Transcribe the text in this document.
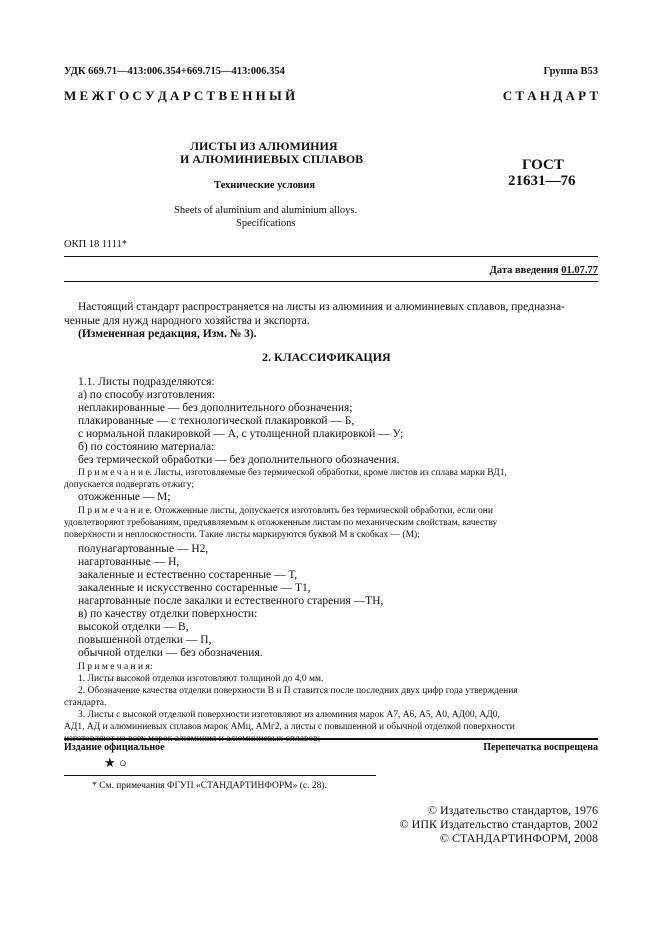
УДК 669.71—413:006.354+669.715—413:006.354	Группа В53
М Е Ж Г О С У Д А Р С Т В Е Н Н Ы Й	С Т А Н Д А Р Т
ЛИСТЫ ИЗ АЛЮМИНИЯ
И АЛЮМИНИЕВЫХ СПЛАВОВ
Технические условия
Sheets of aluminium and aluminium alloys.
Specifications
ГОСТ
21631—76
ОКП 18 1111*
Дата введения 01.07.77
Настоящий стандарт распространяется на листы из алюминия и алюминиевых сплавов, предназна-
ченные для нужд народного хозяйства и экспорта.
(Измененная редакция, Изм. № 3).
2. КЛАССИФИКАЦИЯ
1.1. Листы подразделяются:
а) по способу изготовления:
неплакированные — без дополнительного обозначения;
плакированные — с технологической плакировкой — Б,
с нормальной плакировкой — А, с утолщенной плакировкой — У;
б) по состоянию материала:
без термической обработки — без дополнительного обозначения.
П р и м е ч а н и е. Листы, изготовляемые без термической обработки, кроме листов из сплава марки ВД1,
допускается подвергать отжигу;
отожженные — М;
П р и м е ч а н и е. Отожженные листы, допускается изготовлять без термической обработки, если они
удовлетворяют требованиям, предъявляемым к отожженным листам по механическим свойствам, качеству
поверхности и неплоскостности. Такие листы маркируются буквой М в скобках — (М);
полунагартованные — Н2,
нагартованные — Н,
закаленные и естественно состаренные — Т,
закаленные и искусственно состаренные — Т1,
нагартованные после закалки и естественного старения —ТН,
в) по качеству отделки поверхности:
высокой отделки — В,
повышенной отделки — П,
обычной отделки — без обозначения.
П р и м е ч а н и я:
1. Листы высокой отделки изготовляют толщиной до 4,0 мм.
2. Обозначение качества отделки поверхности В и П ставится после последних двух цифр года утверждения
стандарта.
3. Листы с высокой отделкой поверхности изготовляют из алюминия марок А7, А6, А5, А0, АД00, АД0,
АД1, АД и алюминиевых сплавов марок АМц, АМг2, а листы с повышенной и обычной отделкой поверхности
Издание официальное	Перепечатка воспрещена
★ ○
* См. примечания ФГУП «СТАНДАРТИНФОРМ» (с. 28).
© Издательство стандартов, 1976
© ИПК Издательство стандартов, 2002
© СТАНДАРТИНФОРМ, 2008
